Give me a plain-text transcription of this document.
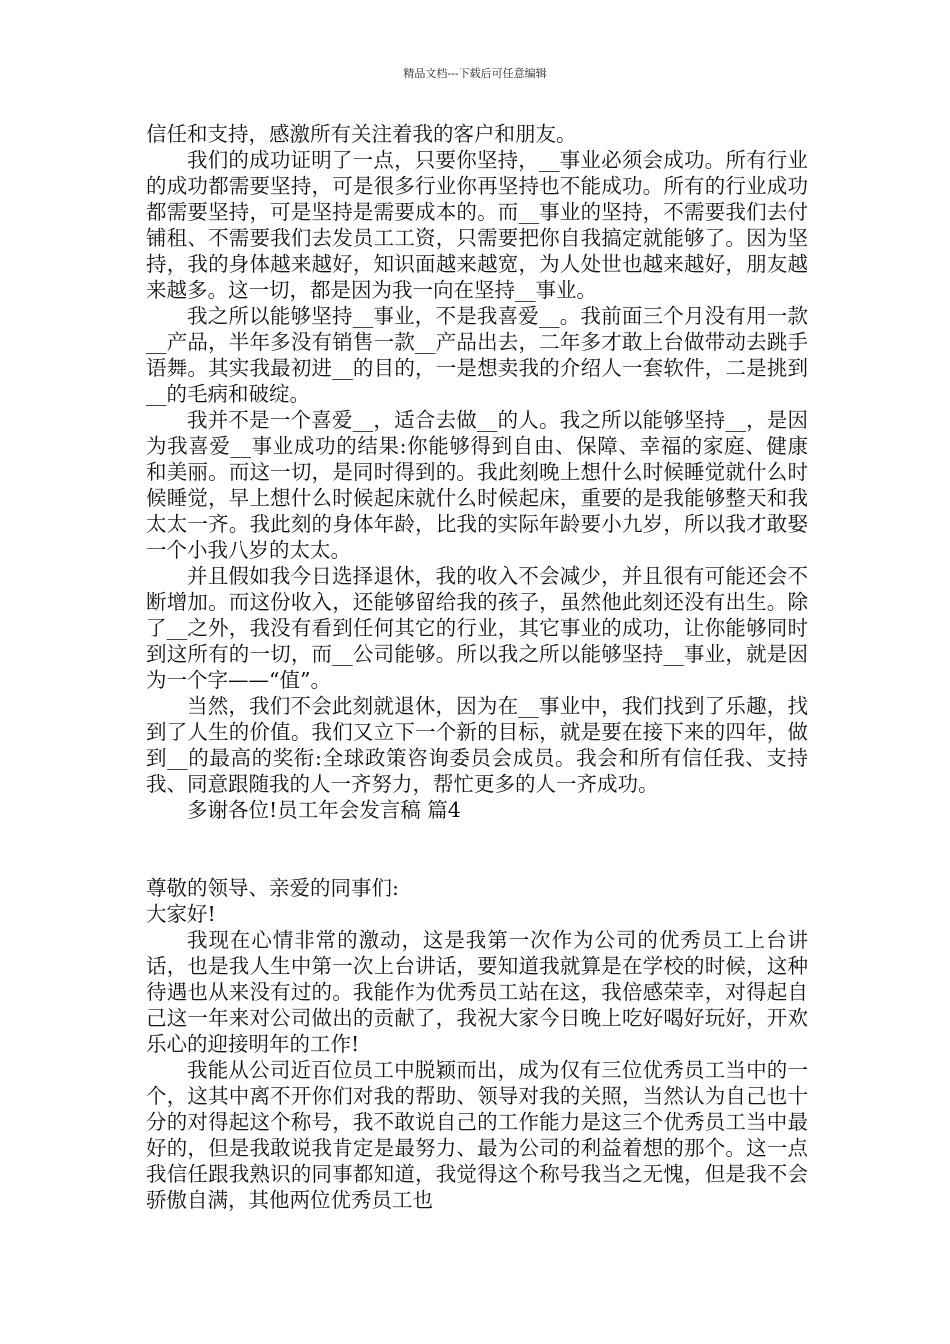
精品文档---下载后可任意编辑

信任和支持，感激所有关注着我的客户和朋友。

我们的成功证明了一点，只要你坚持，__事业必须会成功。所有行业的成功都需要坚持，可是很多行业你再坚持也不能成功。所有的行业成功都需要坚持，可是坚持是需要成本的。而__事业的坚持，不需要我们去付铺租、不需要我们去发员工工资，只需要把你自我搞定就能够了。因为坚持，我的身体越来越好，知识面越来越宽，为人处世也越来越好，朋友越来越多。这一切，都是因为我一向在坚持__事业。

我之所以能够坚持__事业，不是我喜爱__。我前面三个月没有用一款__产品，半年多没有销售一款__产品出去，二年多才敢上台做带动去跳手语舞。其实我最初进__的目的，一是想卖我的介绍人一套软件，二是挑到__的毛病和破绽。

我并不是一个喜爱__，适合去做__的人。我之所以能够坚持__，是因为我喜爱__事业成功的结果:你能够得到自由、保障、幸福的家庭、健康和美丽。而这一切，是同时得到的。我此刻晚上想什么时候睡觉就什么时候睡觉，早上想什么时候起床就什么时候起床，重要的是我能够整天和我太太一齐。我此刻的身体年龄，比我的实际年龄要小九岁，所以我才敢娶一个小我八岁的太太。

并且假如我今日选择退休，我的收入不会减少，并且很有可能还会不断增加。而这份收入，还能够留给我的孩子，虽然他此刻还没有出生。除了__之外，我没有看到任何其它的行业，其它事业的成功，让你能够同时到这所有的一切，而__公司能够。所以我之所以能够坚持__事业，就是因为一个字——“值”。

当然，我们不会此刻就退休，因为在__事业中，我们找到了乐趣，找到了人生的价值。我们又立下一个新的目标，就是要在接下来的四年，做到__的最高的奖衔:全球政策咨询委员会成员。我会和所有信任我、支持我、同意跟随我的人一齐努力，帮忙更多的人一齐成功。

多谢各位!员工年会发言稿 篇4

尊敬的领导、亲爱的同事们:

大家好!

我现在心情非常的激动，这是我第一次作为公司的优秀员工上台讲话，也是我人生中第一次上台讲话，要知道我就算是在学校的时候，这种待遇也从来没有过的。我能作为优秀员工站在这，我倍感荣幸，对得起自己这一年来对公司做出的贡献了，我祝大家今日晚上吃好喝好玩好，开欢乐心的迎接明年的工作!

我能从公司近百位员工中脱颖而出，成为仅有三位优秀员工当中的一个，这其中离不开你们对我的帮助、领导对我的关照，当然认为自己也十分的对得起这个称号，我不敢说自己的工作能力是这三个优秀员工当中最好的，但是我敢说我肯定是最努力、最为公司的利益着想的那个。这一点我信任跟我熟识的同事都知道，我觉得这个称号我当之无愧，但是我不会骄傲自满，其他两位优秀员工也
